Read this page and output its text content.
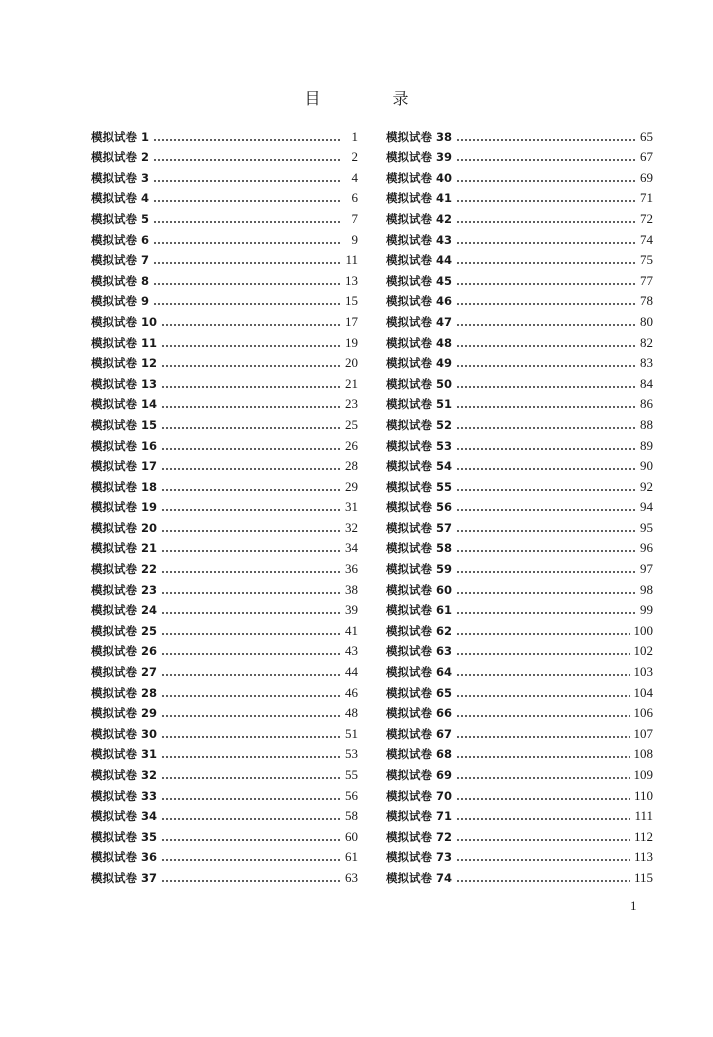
目　录
模拟试卷 1	1
模拟试卷 2	2
模拟试卷 3	4
模拟试卷 4	6
模拟试卷 5	7
模拟试卷 6	9
模拟试卷 7	11
模拟试卷 8	13
模拟试卷 9	15
模拟试卷 10	17
模拟试卷 11	19
模拟试卷 12	20
模拟试卷 13	21
模拟试卷 14	23
模拟试卷 15	25
模拟试卷 16	26
模拟试卷 17	28
模拟试卷 18	29
模拟试卷 19	31
模拟试卷 20	32
模拟试卷 21	34
模拟试卷 22	36
模拟试卷 23	38
模拟试卷 24	39
模拟试卷 25	41
模拟试卷 26	43
模拟试卷 27	44
模拟试卷 28	46
模拟试卷 29	48
模拟试卷 30	51
模拟试卷 31	53
模拟试卷 32	55
模拟试卷 33	56
模拟试卷 34	58
模拟试卷 35	60
模拟试卷 36	61
模拟试卷 37	63
模拟试卷 38	65
模拟试卷 39	67
模拟试卷 40	69
模拟试卷 41	71
模拟试卷 42	72
模拟试卷 43	74
模拟试卷 44	75
模拟试卷 45	77
模拟试卷 46	78
模拟试卷 47	80
模拟试卷 48	82
模拟试卷 49	83
模拟试卷 50	84
模拟试卷 51	86
模拟试卷 52	88
模拟试卷 53	89
模拟试卷 54	90
模拟试卷 55	92
模拟试卷 56	94
模拟试卷 57	95
模拟试卷 58	96
模拟试卷 59	97
模拟试卷 60	98
模拟试卷 61	99
模拟试卷 62	100
模拟试卷 63	102
模拟试卷 64	103
模拟试卷 65	104
模拟试卷 66	106
模拟试卷 67	107
模拟试卷 68	108
模拟试卷 69	109
模拟试卷 70	110
模拟试卷 71	111
模拟试卷 72	112
模拟试卷 73	113
模拟试卷 74	115
1
